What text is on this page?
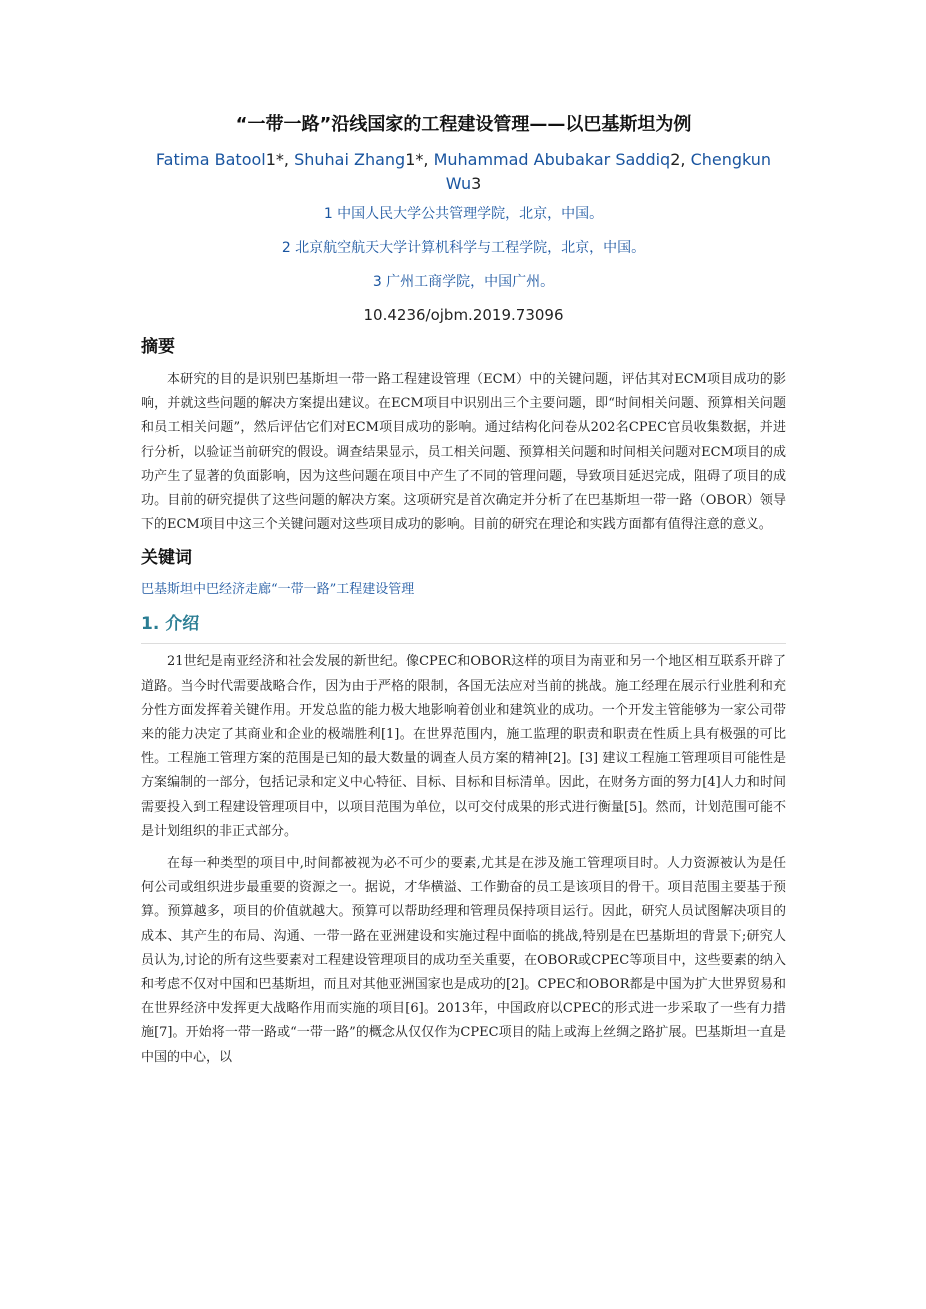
“一带一路”沿线国家的工程建设管理——以巴基斯坦为例
Fatima Batool1*, Shuhai Zhang1*, Muhammad Abubakar Saddiq2, Chengkun Wu3

1 中国人民大学公共管理学院，北京，中国。

2 北京航空航天大学计算机科学与工程学院，北京，中国。

3 广州工商学院，中国广州。

10.4236/ojbm.2019.73096
摘要

本研究的目的是识别巴基斯坦一带一路工程建设管理（ECM）中的关键问题，评估其对ECM项目成功的影响，并就这些问题的解决方案提出建议。在ECM项目中识别出三个主要问题，即“时间相关问题、预算相关问题和员工相关问题”，然后评估它们对ECM项目成功的影响。通过结构化问卷从202名CPEC官员收集数据，并进行分析，以验证当前研究的假设。调查结果显示，员工相关问题、预算相关问题和时间相关问题对ECM项目的成功产生了显著的负面影响，因为这些问题在项目中产生了不同的管理问题，导致项目延迟完成，阻碍了项目的成功。目前的研究提供了这些问题的解决方案。这项研究是首次确定并分析了在巴基斯坦一带一路（OBOR）领导下的ECM项目中这三个关键问题对这些项目成功的影响。目前的研究在理论和实践方面都有值得注意的意义。

关键词
巴基斯坦中巴经济走廊“一带一路”工程建设管理
1. 介绍

21世纪是南亚经济和社会发展的新世纪。像CPEC和OBOR这样的项目为南亚和另一个地区相互联系开辟了道路。当今时代需要战略合作，因为由于严格的限制，各国无法应对当前的挑战。施工经理在展示行业胜利和充分性方面发挥着关键作用。开发总监的能力极大地影响着创业和建筑业的成功。一个开发主管能够为一家公司带来的能力决定了其商业和企业的极端胜利[1]。在世界范围内，施工监理的职责和职责在性质上具有极强的可比性。工程施工管理方案的范围是已知的最大数量的调查人员方案的精神[2]。[3] 建议工程施工管理项目可能性是方案编制的一部分，包括记录和定义中心特征、目标、目标和目标清单。因此，在财务方面的努力[4]人力和时间需要投入到工程建设管理项目中，以项目范围为单位，以可交付成果的形式进行衡量[5]。然而，计划范围可能不是计划组织的非正式部分。

在每一种类型的项目中,时间都被视为必不可少的要素,尤其是在涉及施工管理项目时。人力资源被认为是任何公司或组织进步最重要的资源之一。据说，才华横溢、工作勤奋的员工是该项目的骨干。项目范围主要基于预算。预算越多，项目的价值就越大。预算可以帮助经理和管理员保持项目运行。因此，研究人员试图解决项目的成本、其产生的布局、沟通、一带一路在亚洲建设和实施过程中面临的挑战,特别是在巴基斯坦的背景下;研究人员认为,讨论的所有这些要素对工程建设管理项目的成功至关重要，在OBOR或CPEC等项目中，这些要素的纳入和考虑不仅对中国和巴基斯坦，而且对其他亚洲国家也是成功的[2]。CPEC和OBOR都是中国为扩大世界贸易和在世界经济中发挥更大战略作用而实施的项目[6]。2013年，中国政府以CPEC的形式进一步采取了一些有力措施[7]。开始将一带一路或“一带一路”的概念从仅仅作为CPEC项目的陆上或海上丝绸之路扩展。巴基斯坦一直是中国的中心，以
